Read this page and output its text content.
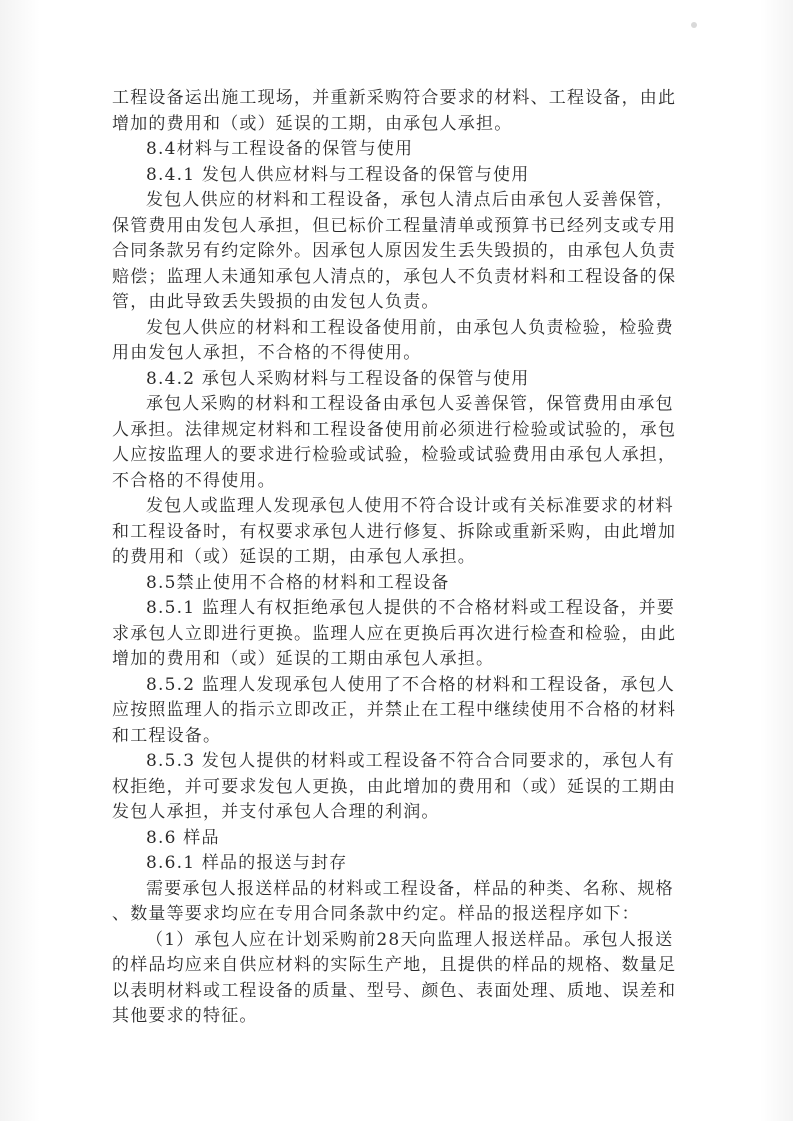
工程设备运出施工现场，并重新采购符合要求的材料、工程设备，由此
增加的费用和（或）延误的工期，由承包人承担。
8.4材料与工程设备的保管与使用
8.4.1 发包人供应材料与工程设备的保管与使用
发包人供应的材料和工程设备，承包人清点后由承包人妥善保管，
保管费用由发包人承担，但已标价工程量清单或预算书已经列支或专用
合同条款另有约定除外。因承包人原因发生丢失毁损的，由承包人负责
赔偿；监理人未通知承包人清点的，承包人不负责材料和工程设备的保
管，由此导致丢失毁损的由发包人负责。
发包人供应的材料和工程设备使用前，由承包人负责检验，检验费
用由发包人承担，不合格的不得使用。
8.4.2 承包人采购材料与工程设备的保管与使用
承包人采购的材料和工程设备由承包人妥善保管，保管费用由承包
人承担。法律规定材料和工程设备使用前必须进行检验或试验的，承包
人应按监理人的要求进行检验或试验，检验或试验费用由承包人承担，
不合格的不得使用。
发包人或监理人发现承包人使用不符合设计或有关标准要求的材料
和工程设备时，有权要求承包人进行修复、拆除或重新采购，由此增加
的费用和（或）延误的工期，由承包人承担。
8.5禁止使用不合格的材料和工程设备
8.5.1 监理人有权拒绝承包人提供的不合格材料或工程设备，并要
求承包人立即进行更换。监理人应在更换后再次进行检查和检验，由此
增加的费用和（或）延误的工期由承包人承担。
8.5.2 监理人发现承包人使用了不合格的材料和工程设备，承包人
应按照监理人的指示立即改正，并禁止在工程中继续使用不合格的材料
和工程设备。
8.5.3 发包人提供的材料或工程设备不符合合同要求的，承包人有
权拒绝，并可要求发包人更换，由此增加的费用和（或）延误的工期由
发包人承担，并支付承包人合理的利润。
8.6 样品
8.6.1 样品的报送与封存
需要承包人报送样品的材料或工程设备，样品的种类、名称、规格
、数量等要求均应在专用合同条款中约定。样品的报送程序如下：
（1）承包人应在计划采购前28天向监理人报送样品。承包人报送
的样品均应来自供应材料的实际生产地，且提供的样品的规格、数量足
以表明材料或工程设备的质量、型号、颜色、表面处理、质地、误差和
其他要求的特征。
